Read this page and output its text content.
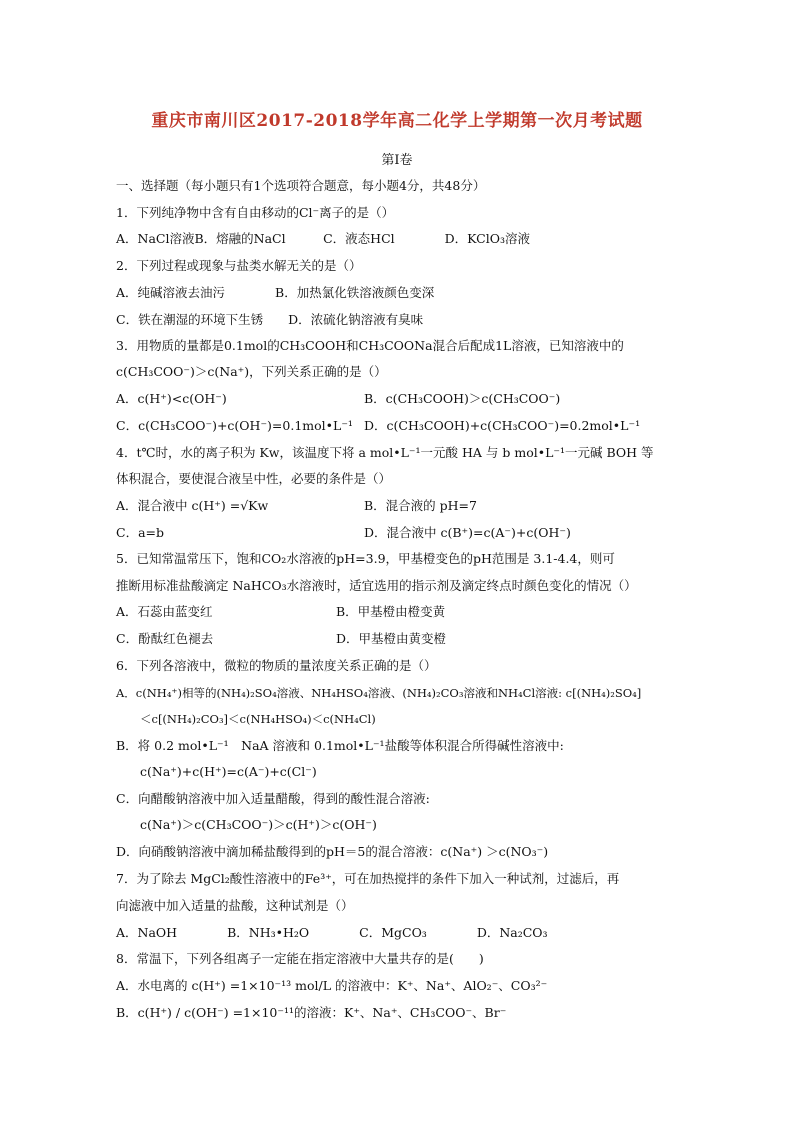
重庆市南川区2017-2018学年高二化学上学期第一次月考试题
第Ⅰ卷
一、选择题（每小题只有1个选项符合题意，每小题4分，共48分）
1．下列纯净物中含有自由移动的Cl⁻离子的是（）
A．NaCl溶液B．熔融的NaCl　　　C．液态HCl　　　　D．KClO₃溶液
2．下列过程或现象与盐类水解无关的是（）
A．纯碱溶液去油污　　　　B．加热氯化铁溶液颜色变深
C．铁在潮湿的环境下生锈　　D．浓硫化钠溶液有臭味
3．用物质的量都是0.1mol的CH₃COOH和CH₃COONa混合后配成1L溶液，已知溶液中的
c(CH₃COO⁻)＞c(Na⁺)，下列关系正确的是（）
A．c(H⁺)<c(OH⁻)	B．c(CH₃COOH)＞c(CH₃COO⁻)
C．c(CH₃COO⁻)+c(OH⁻)=0.1mol•L⁻¹ D．c(CH₃COOH)+c(CH₃COO⁻)=0.2mol•L⁻¹
4．t℃时，水的离子积为 Kw，该温度下将 a mol•L⁻¹一元酸 HA 与 b mol•L⁻¹一元碱 BOH 等
体积混合，要使混合液呈中性，必要的条件是（）
A．混合液中 c(H⁺) =√Kw	B．混合液的 pH=7
C．a=b	D．混合液中 c(B⁺)=c(A⁻)+c(OH⁻)
5．已知常温常压下，饱和CO₂水溶液的pH=3.9，甲基橙变色的pH范围是 3.1-4.4，则可
推断用标准盐酸滴定 NaHCO₃水溶液时，适宜选用的指示剂及滴定终点时颜色变化的情况（）
A．石蕊由蓝变红	B．甲基橙由橙变黄
C．酚酞红色褪去	D．甲基橙由黄变橙
6．下列各溶液中，微粒的物质的量浓度关系正确的是（）
A．c(NH₄⁺)相等的(NH₄)₂SO₄溶液、NH₄HSO₄溶液、(NH₄)₂CO₃溶液和NH₄Cl溶液: c[(NH₄)₂SO₄]
＜c[(NH₄)₂CO₃]＜c(NH₄HSO₄)＜c(NH₄Cl)
B．将 0.2 mol•L⁻¹　NaA 溶液和 0.1mol•L⁻¹盐酸等体积混合所得碱性溶液中:
c(Na⁺)+c(H⁺)=c(A⁻)+c(Cl⁻)
C．向醋酸钠溶液中加入适量醋酸，得到的酸性混合溶液:
c(Na⁺)＞c(CH₃COO⁻)＞c(H⁺)＞c(OH⁻)
D．向硝酸钠溶液中滴加稀盐酸得到的pH＝5的混合溶液：c(Na⁺) ＞c(NO₃⁻)
7．为了除去 MgCl₂酸性溶液中的Fe³⁺，可在加热搅拌的条件下加入一种试剂，过滤后，再
向滤液中加入适量的盐酸，这种试剂是（）
A．NaOH　　　　B．NH₃•H₂O　　　　C．MgCO₃　　　　D．Na₂CO₃
8．常温下，下列各组离子一定能在指定溶液中大量共存的是(　　)
A．水电离的 c(H⁺) =1×10⁻¹³ mol/L 的溶液中：K⁺、Na⁺、AlO₂⁻、CO₃²⁻
B．c(H⁺) / c(OH⁻) =1×10⁻¹¹的溶液：K⁺、Na⁺、CH₃COO⁻、Br⁻
